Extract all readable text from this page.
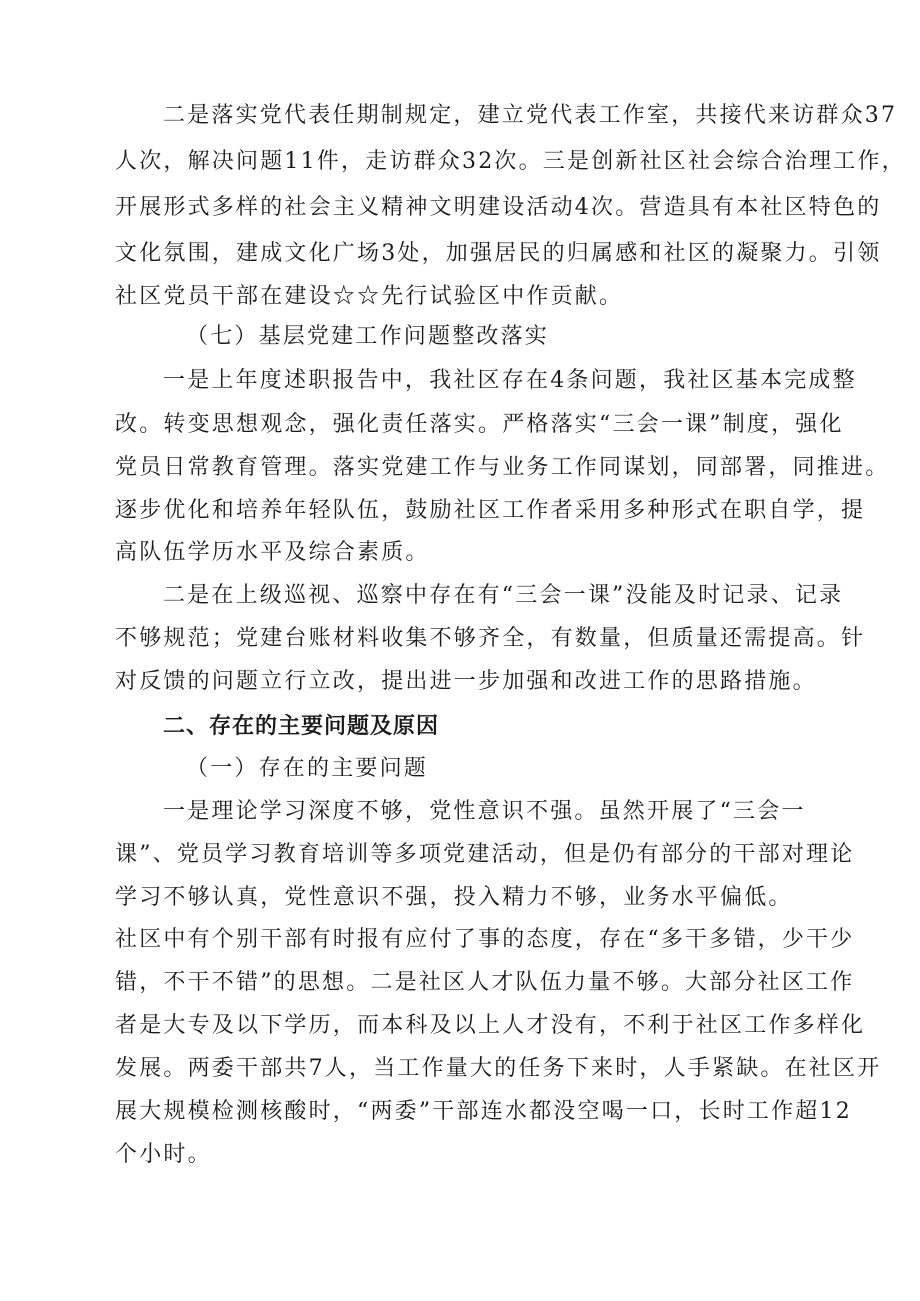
二是落实党代表任期制规定，建立党代表工作室，共接代来访群众37
人次，解决问题11件，走访群众32次。三是创新社区社会综合治理工作，
开展形式多样的社会主义精神文明建设活动4次。营造具有本社区特色的
文化氛围，建成文化广场3处，加强居民的归属感和社区的凝聚力。引领
社区党员干部在建设☆☆先行试验区中作贡献。
（七）基层党建工作问题整改落实
一是上年度述职报告中，我社区存在4条问题，我社区基本完成整
改。转变思想观念，强化责任落实。严格落实“三会一课”制度，强化
党员日常教育管理。落实党建工作与业务工作同谋划，同部署，同推进。
逐步优化和培养年轻队伍，鼓励社区工作者采用多种形式在职自学，提
高队伍学历水平及综合素质。
二是在上级巡视、巡察中存在有“三会一课”没能及时记录、记录
不够规范；党建台账材料收集不够齐全，有数量，但质量还需提高。针
对反馈的问题立行立改，提出进一步加强和改进工作的思路措施。
二、存在的主要问题及原因
（一）存在的主要问题
一是理论学习深度不够，党性意识不强。虽然开展了“三会一
课”、党员学习教育培训等多项党建活动，但是仍有部分的干部对理论
学习不够认真，党性意识不强，投入精力不够，业务水平偏低。
社区中有个别干部有时报有应付了事的态度，存在“多干多错，少干少
错，不干不错”的思想。二是社区人才队伍力量不够。大部分社区工作
者是大专及以下学历，而本科及以上人才没有，不利于社区工作多样化
发展。两委干部共7人，当工作量大的任务下来时，人手紧缺。在社区开
展大规模检测核酸时，“两委”干部连水都没空喝一口，长时工作超12
个小时。
